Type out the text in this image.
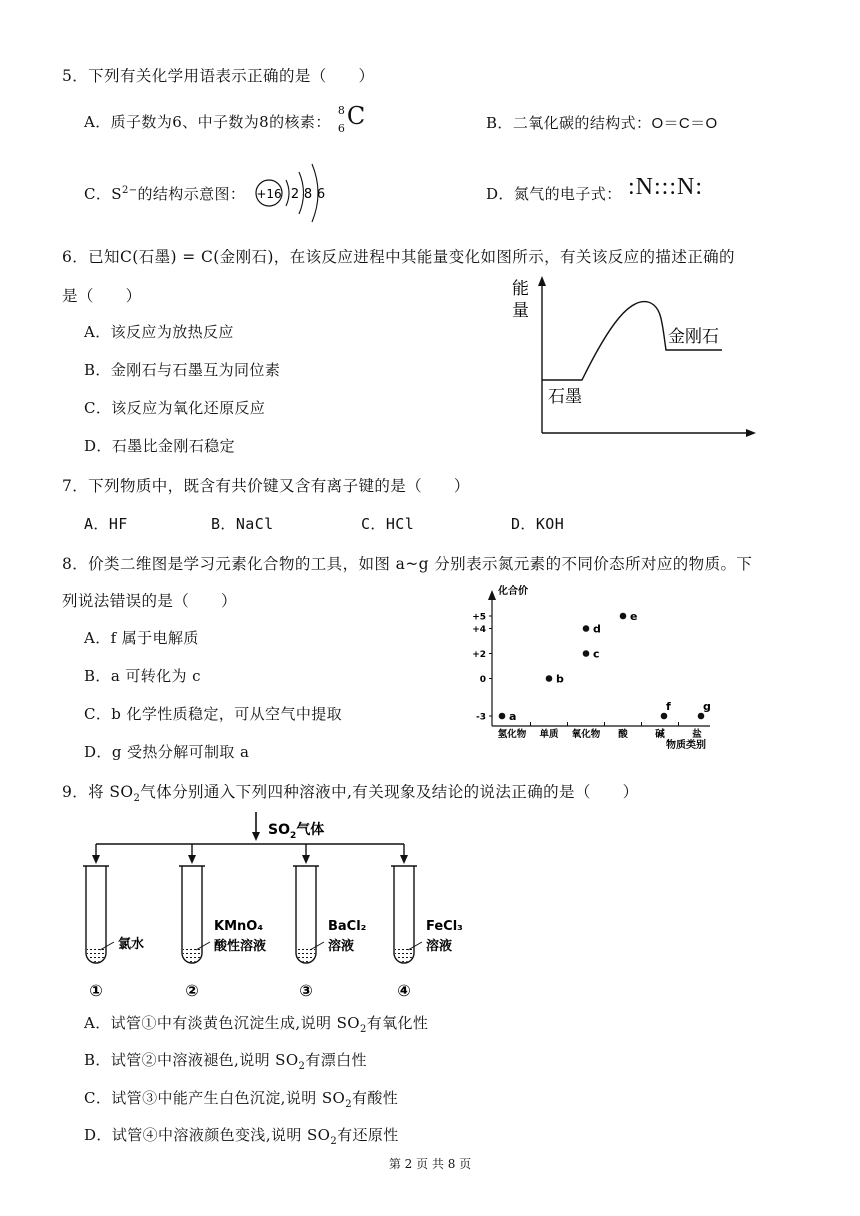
5．下列有关化学用语表示正确的是（　　）
A．质子数为6、中子数为8的核素：
8
6 C	B．二氧化碳的结构式：O＝C＝O
C．$S^{2-}$的结构示意图： +16 2 8 6	D．氮气的电子式： :N:::N:
6．已知C(石墨) = C(金刚石)，在该反应进程中其能量变化如图所示，有关该反应的描述正确的
是（　　）
A．该反应为放热反应
B．金刚石与石墨互为同位素
C．该反应为氧化还原反应
D．石墨比金刚石稳定
能
量
金刚石
石墨
7．下列物质中，既含有共价键又含有离子键的是（　　）
A．HF	B．NaCl	C．HCl	D．KOH
8．价类二维图是学习元素化合物的工具，如图 a~g 分别表示氮元素的不同价态所对应的物质。下
列说法错误的是（　　）
A．f 属于电解质
B．a 可转化为 c
C．b 化学性质稳定，可从空气中提取
D．g 受热分解可制取 a
化合价
物质类别
+5
+4
+2
0
-3
氢化物 单质 氧化物 酸	碱	盐
a
b
c
d
e
f	g
9．将 $SO_2$气体分别通入下列四种溶液中,有关现象及结论的说法正确的是（　　）
$SO_2$气体
氯水
①
KMnO₄
酸性溶液
②
BaCl₂
溶液
③
FeCl₃
溶液
④
A．试管①中有淡黄色沉淀生成,说明 $SO_2$有氧化性
B．试管②中溶液褪色,说明 $SO_2$有漂白性
C．试管③中能产生白色沉淀,说明 $SO_2$有酸性
D．试管④中溶液颜色变浅,说明 $SO_2$有还原性
第 2 页 共 8 页
